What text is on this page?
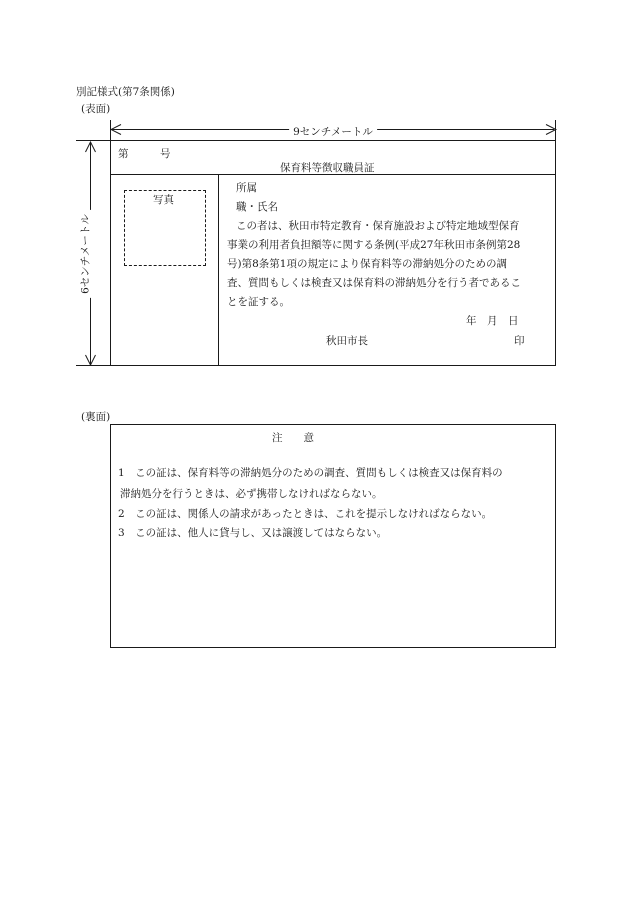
別記様式(第7条関係)
(表面)
9センチメートル
6センチメートル
第　　　号
保育料等徴収職員証
写真
所属
職・氏名
この者は、秋田市特定教育・保育施設および特定地域型保育
事業の利用者負担額等に関する条例(平成27年秋田市条例第28
号)第8条第1項の規定により保育料等の滞納処分のための調
査、質問もしくは検査又は保育料の滞納処分を行う者であるこ
とを証する。
年　月　日
秋田市長	印
(裏面)
注　　意
1　この証は、保育料等の滞納処分のための調査、質問もしくは検査又は保育料の
滞納処分を行うときは、必ず携帯しなければならない。
2　この証は、関係人の請求があったときは、これを提示しなければならない。
3　この証は、他人に貸与し、又は譲渡してはならない。
